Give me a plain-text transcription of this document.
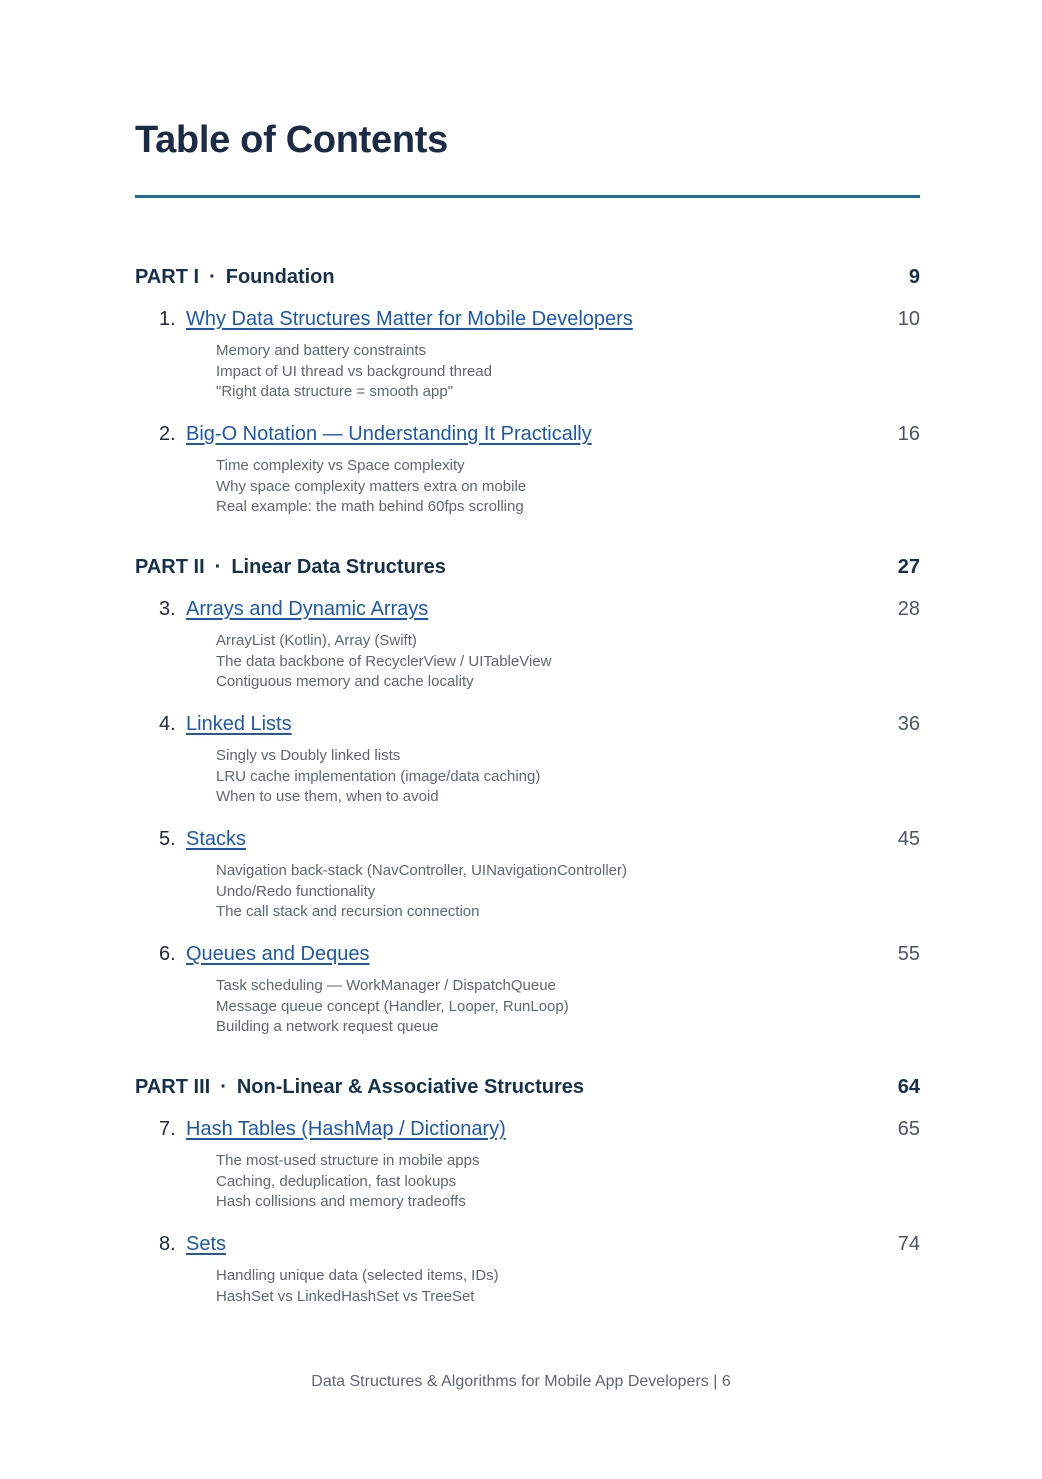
Table of Contents
PART I · Foundation	9
1. Why Data Structures Matter for Mobile Developers	10
Memory and battery constraints
Impact of UI thread vs background thread
"Right data structure = smooth app"
2. Big-O Notation — Understanding It Practically	16
Time complexity vs Space complexity
Why space complexity matters extra on mobile
Real example: the math behind 60fps scrolling
PART II · Linear Data Structures	27
3. Arrays and Dynamic Arrays	28
ArrayList (Kotlin), Array (Swift)
The data backbone of RecyclerView / UITableView
Contiguous memory and cache locality
4. Linked Lists	36
Singly vs Doubly linked lists
LRU cache implementation (image/data caching)
When to use them, when to avoid
5. Stacks	45
Navigation back-stack (NavController, UINavigationController)
Undo/Redo functionality
The call stack and recursion connection
6. Queues and Deques	55
Task scheduling — WorkManager / DispatchQueue
Message queue concept (Handler, Looper, RunLoop)
Building a network request queue
PART III · Non-Linear & Associative Structures	64
7. Hash Tables (HashMap / Dictionary)	65
The most-used structure in mobile apps
Caching, deduplication, fast lookups
Hash collisions and memory tradeoffs
8. Sets	74
Handling unique data (selected items, IDs)
HashSet vs LinkedHashSet vs TreeSet
Data Structures & Algorithms for Mobile App Developers | 6
